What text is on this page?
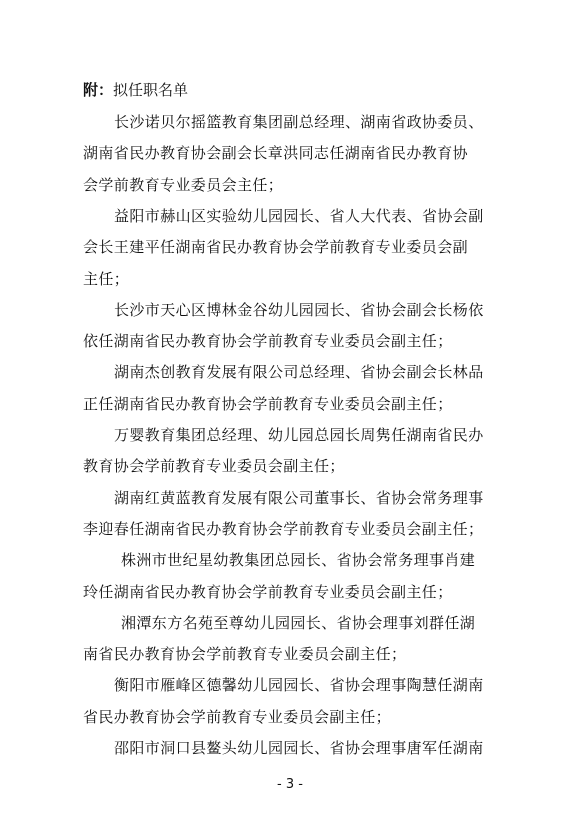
附：拟任职名单
- 3 -
长沙诺贝尔摇篮教育集团副总经理、湖南省政协委员、
湖南省民办教育协会副会长章洪同志任湖南省民办教育协
会学前教育专业委员会主任；
益阳市赫山区实验幼儿园园长、省人大代表、省协会副
会长王建平任湖南省民办教育协会学前教育专业委员会副
主任；
长沙市天心区博林金谷幼儿园园长、省协会副会长杨依
依任湖南省民办教育协会学前教育专业委员会副主任；
湖南杰创教育发展有限公司总经理、省协会副会长林品
正任湖南省民办教育协会学前教育专业委员会副主任；
万婴教育集团总经理、幼儿园总园长周隽任湖南省民办
教育协会学前教育专业委员会副主任；
湖南红黄蓝教育发展有限公司董事长、省协会常务理事
李迎春任湖南省民办教育协会学前教育专业委员会副主任；
株洲市世纪星幼教集团总园长、省协会常务理事肖建
玲任湖南省民办教育协会学前教育专业委员会副主任；
湘潭东方名苑至尊幼儿园园长、省协会理事刘群任湖
南省民办教育协会学前教育专业委员会副主任；
衡阳市雁峰区德馨幼儿园园长、省协会理事陶慧任湖南
省民办教育协会学前教育专业委员会副主任；
邵阳市洞口县鳌头幼儿园园长、省协会理事唐军任湖南
